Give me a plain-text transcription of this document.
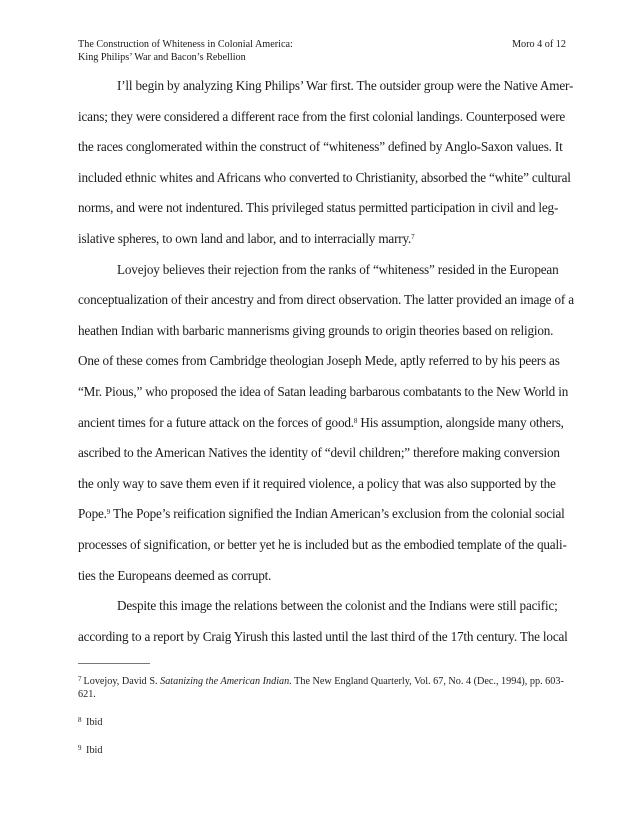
The Construction of Whiteness in Colonial America:
King Philips’ War and Bacon’s Rebellion
Moro 4 of 12

I’ll begin by analyzing King Philips’ War first. The outsider group were the Native Amer-

icans; they were considered a different race from the first colonial landings. Counterposed were

the races conglomerated within the construct of “whiteness” defined by Anglo-Saxon values. It

included ethnic whites and Africans who converted to Christianity, absorbed the “white” cultural

norms, and were not indentured. This privileged status permitted participation in civil and leg-

islative spheres, to own land and labor, and to interracially marry.$^7$

Lovejoy believes their rejection from the ranks of “whiteness” resided in the European

conceptualization of their ancestry and from direct observation. The latter provided an image of a

heathen Indian with barbaric mannerisms giving grounds to origin theories based on religion.

One of these comes from Cambridge theologian Joseph Mede, aptly referred to by his peers as

“Mr. Pious,” who proposed the idea of Satan leading barbarous combatants to the New World in

ancient times for a future attack on the forces of good.$^8$ His assumption, alongside many others,

ascribed to the American Natives the identity of “devil children;” therefore making conversion

the only way to save them even if it required violence, a policy that was also supported by the

Pope.$^9$ The Pope’s reification signified the Indian American’s exclusion from the colonial social

processes of signification, or better yet he is included but as the embodied template of the quali-

ties the Europeans deemed as corrupt.

Despite this image the relations between the colonist and the Indians were still pacific;

according to a report by Craig Yirush this lasted until the last third of the 17th century. The local

$^7$ Lovejoy, David S. Satanizing the American Indian. The New England Quarterly, Vol. 67, No. 4 (Dec., 1994), pp. 603-621.

$^8$ Ibid

$^9$ Ibid
